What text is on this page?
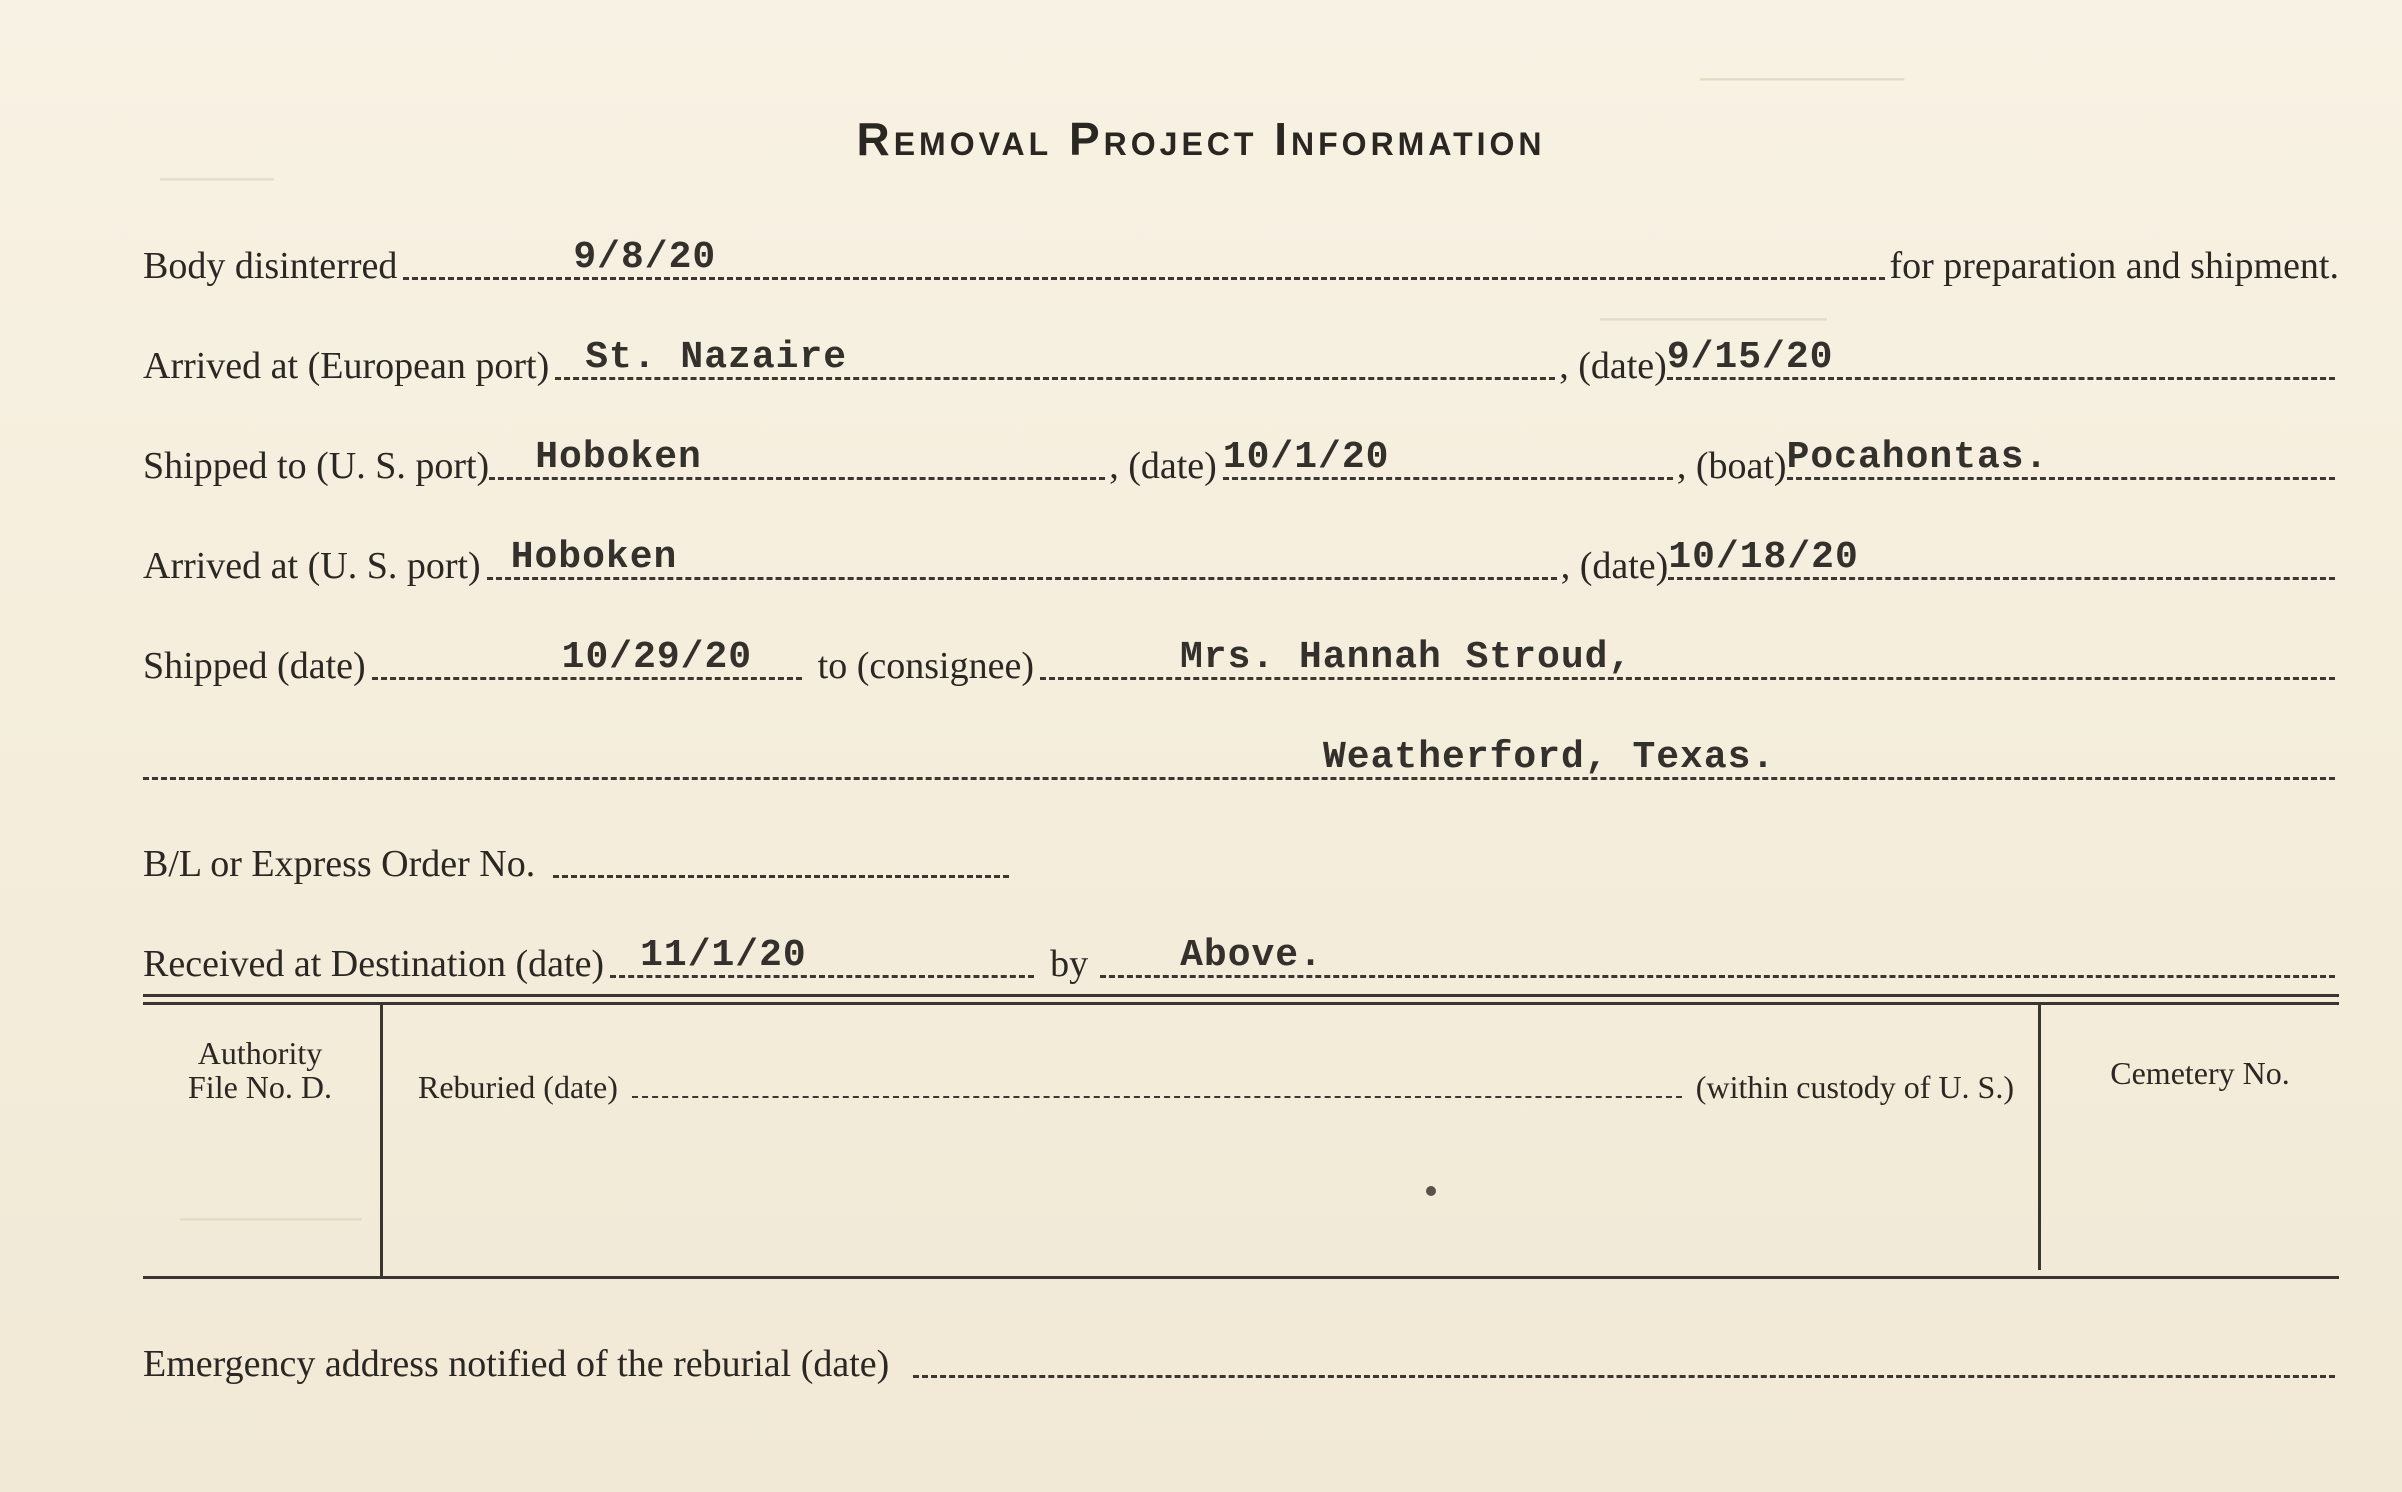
─────
─────────
──────────
────────
Removal Project Information
Body disinterred	9/8/20	for preparation and shipment.
Arrived at (European port) St. Nazaire	, (date) 9/15/20
Shipped to (U. S. port) Hoboken	, (date) 10/1/20	, (boat) Pocahontas.
Arrived at (U. S. port) Hoboken	, (date) 10/18/20
Shipped (date)	10/29/20 to (consignee)	Mrs. Hannah Stroud,
Weatherford, Texas.
B/L or Express Order No.
Received at Destination (date) 11/1/20	by Above.
Authority
File No. D.	Reburied (date)	(within custody of U. S.)	Cemetery No.
Emergency address notified of the reburial (date)
